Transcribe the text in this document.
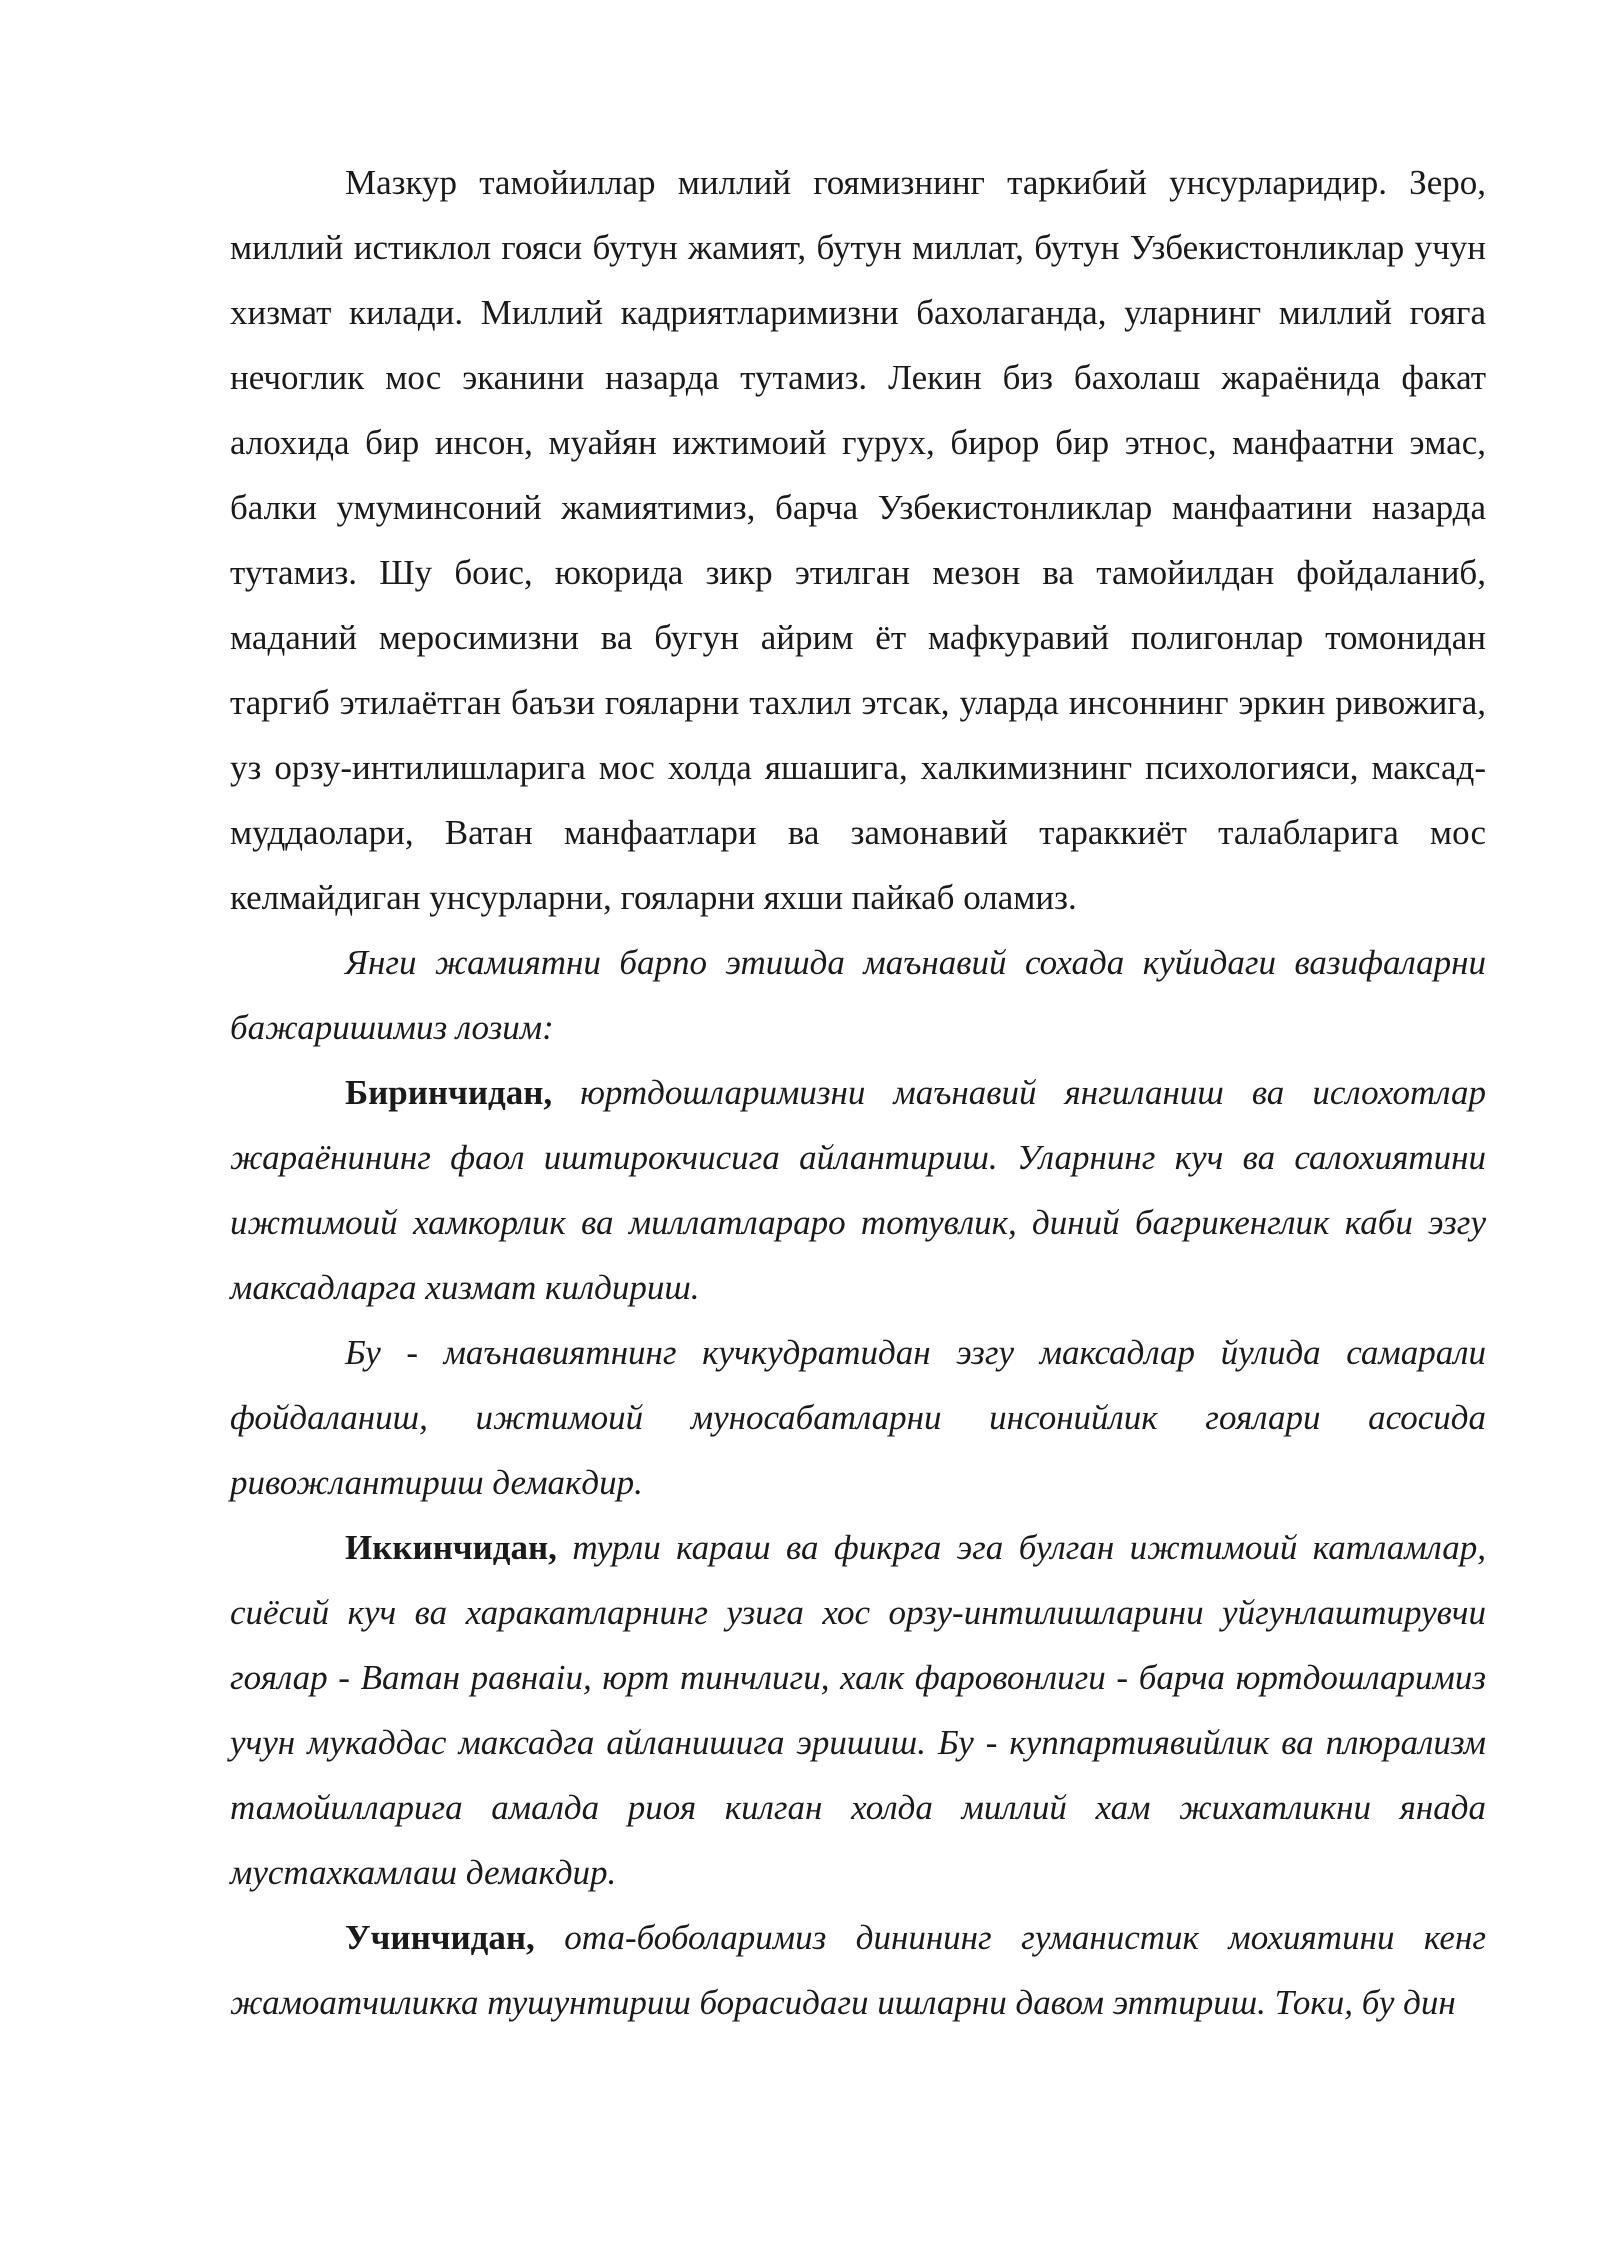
Мазкур тамойиллар миллий гоямизнинг таркибий унсурларидир. Зеро, миллий истиклол гояси бутун жамият, бутун миллат, бутун Узбекистонликлар учун хизмат килади. Миллий кадриятларимизни бахолаганда, уларнинг миллий гояга нечоглик мос эканини назарда тутамиз. Лекин биз бахолаш жараёнида факат алохида бир инсон, муайян ижтимоий гурух, бирор бир этнос, манфаатни эмас, балки умуминсоний жамиятимиз, барча Узбекистонликлар манфаатини назарда тутамиз. Шу боис, юкорида зикр этилган мезон ва тамойилдан фойдаланиб, маданий меросимизни ва бугун айрим ёт мафкуравий полигонлар томонидан таргиб этилаётган баъзи гояларни тахлил этсак, уларда инсоннинг эркин ривожига, уз орзу-интилишларига мос холда яшашига, халкимизнинг психологияси, максад-муддаолари, Ватан манфаатлари ва замонавий тараккиёт талабларига мос келмайдиган унсурларни, гояларни яхши пайкаб оламиз.

Янги жамиятни барпо этишда маънавий сохада куйидаги вазифаларни бажаришимиз лозим:

Биринчидан, юртдошларимизни маънавий янгиланиш ва ислохотлар жараёнининг фаол иштирокчисига айлантириш. Уларнинг куч ва салохиятини ижтимоий хамкорлик ва миллатлараро тотувлик, диний багрикенглик каби эзгу максадларга хизмат килдириш.

Бу - маънавиятнинг кучкудратидан эзгу максадлар йулида самарали фойдаланиш, ижтимоий муносабатларни инсонийлик гоялари асосида ривожлантириш демакдир.

Иккинчидан, турли караш ва фикрга эга булган ижтимоий катламлар, сиёсий куч ва харакатларнинг узига хос орзу-интилишларини уйгунлаштирувчи гоялар - Ватан равнаiи, юрт тинчлиги, халк фаровонлиги - барча юртдошларимиз учун мукаддас максадга айланишига эришиш. Бу - куппартиявийлик ва плюрализм тамойилларига амалда риоя килган холда миллий хам жихатликни янада мустахкамлаш демакдир.

Учинчидан, ота-боболаримиз динининг гуманистик мохиятини кенг жамоатчиликка тушунтириш борасидаги ишларни давом эттириш. Токи, бу дин
